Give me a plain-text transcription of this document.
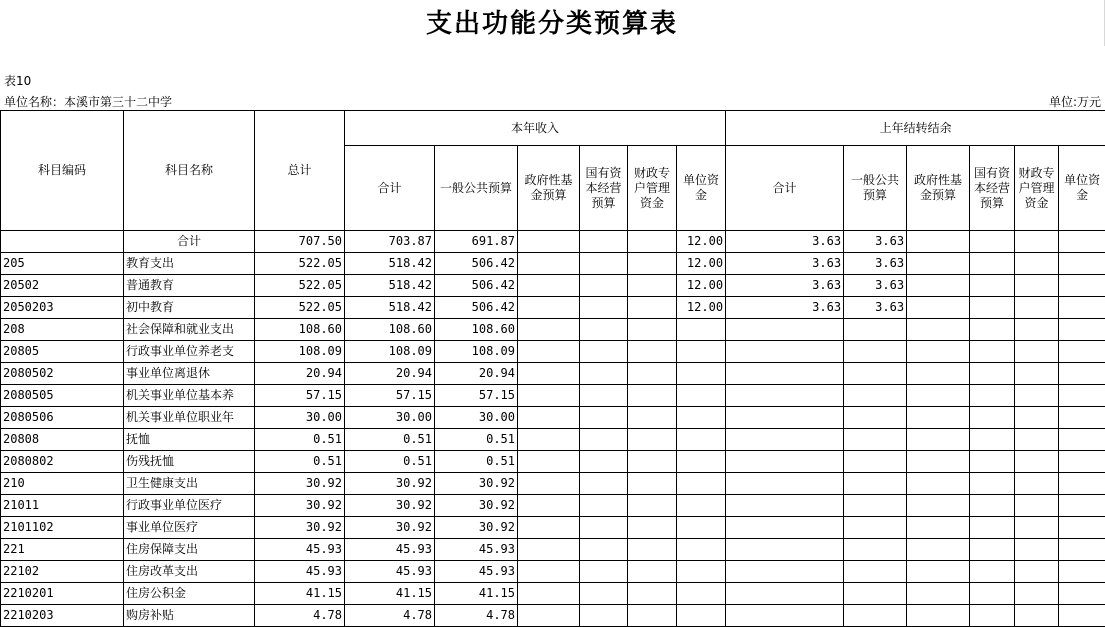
支出功能分类预算表
表10
单位名称：本溪市第三十二中学	单位:万元
科目编码	科目名称	总计	本年收入						上年结转结余					
			合计	一般公共预算	政府性基金预算	国有资本经营预算	财政专户管理资金	单位资金	合计	一般公共预算	政府性基金预算	国有资本经营预算	财政专户管理资金	单位资金
	合计	707.50	703.87	691.87				12.00	3.63	3.63				
205	教育支出	522.05	518.42	506.42				12.00	3.63	3.63				
20502	普通教育	522.05	518.42	506.42				12.00	3.63	3.63				
2050203	初中教育	522.05	518.42	506.42				12.00	3.63	3.63				
208	社会保障和就业支出	108.60	108.60	108.60										
20805	行政事业单位养老支	108.09	108.09	108.09										
2080502	事业单位离退休	20.94	20.94	20.94										
2080505	机关事业单位基本养	57.15	57.15	57.15										
2080506	机关事业单位职业年	30.00	30.00	30.00										
20808	抚恤	0.51	0.51	0.51										
2080802	伤残抚恤	0.51	0.51	0.51										
210	卫生健康支出	30.92	30.92	30.92										
21011	行政事业单位医疗	30.92	30.92	30.92										
2101102	事业单位医疗	30.92	30.92	30.92										
221	住房保障支出	45.93	45.93	45.93										
22102	住房改革支出	45.93	45.93	45.93										
2210201	住房公积金	41.15	41.15	41.15										
2210203	购房补贴	4.78	4.78	4.78										
